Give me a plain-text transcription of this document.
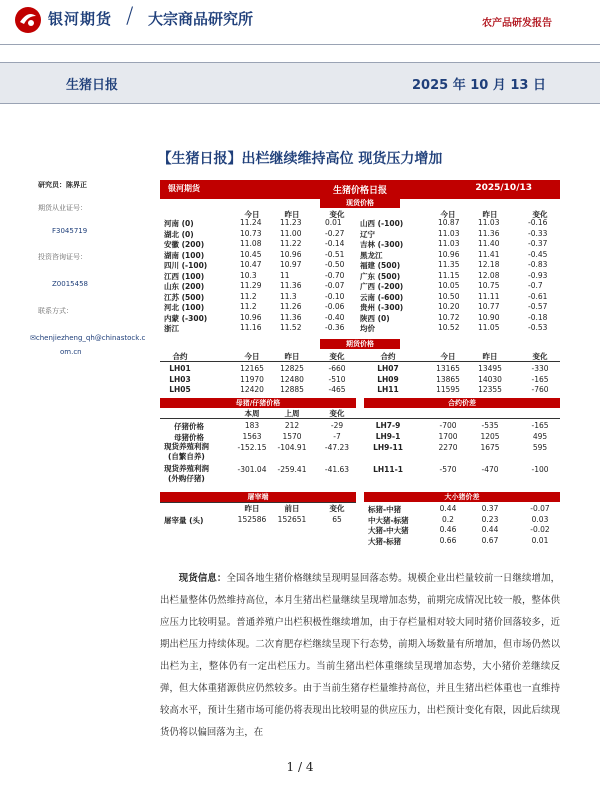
银河期货 / 大宗商品研究所	农产品研发报告
生猪日报	2025 年 10 月 13 日
【生猪日报】出栏继续维持高位 现货压力增加
研究员：陈界正
期货从业证号：
F3045719
投资咨询证号：
Z0015458
联系方式：
✉chenjiezheng_qh@chinastock.c
om.cn
生猪价格日报
银河期货	2025/10/13
现货价格
今日	昨日	变化	今日	昨日	变化
河南 (0)	11.24 11.23	0.01
湖北 (0)	10.73 11.00	-0.27
安徽 (200)	11.08 11.22	-0.14
湖南 (100)	10.45 10.96	-0.51
四川 (-100)	10.47 10.97	-0.50
江西 (100)	10.3	11	-0.70
山东 (200)	11.29 11.36	-0.07
江苏 (500)	11.2	11.3	-0.10
河北 (100)	11.2	11.26	-0.06
内蒙 (-300)	10.96 11.36	-0.40
浙江	11.16 11.52	-0.36
山西 (-100)	10.87 11.03	-0.16
辽宁	11.03 11.36	-0.33
吉林 (-300)	11.03 11.40	-0.37
黑龙江	10.96 11.41	-0.45
福建 (500)	11.35 12.18	-0.83
广东 (500)	11.15 12.08	-0.93
广西 (-200)	10.05 10.75	-0.7
云南 (-600)	10.50 11.11	-0.61
贵州 (-300)	10.20 10.77	-0.57
陕西 (0)	10.72 10.90	-0.18
均价	10.52 11.05	-0.53
期货价格
合约	今日	昨日	变化	合约	今日	昨日	变化
LH01	12165 12825	-660	LH07	13165 13495	-330
LH03	11970 12480	-510	LH09	13865 14030	-165
LH05	12420 12885	-465	LH11	11595 12355	-760
母猪/仔猪价格	合约价差
本周	上周	变化
仔猪价格	183	212	-29	LH7-9	-700	-535	-165
母猪价格	1563	1570	-7	LH9-1	1700	1205	495
现货养殖利润
(自繁自养)
-152.15 -104.91 -47.23	LH9-11	2270	1675	595
现货养殖利润
(外购仔猪)
-301.04 -259.41 -41.63	LH11-1	-570	-470	-100
屠宰端	大小猪价差
昨日	前日	变化
屠宰量 (头)	152586 152651	65
标猪-中猪	0.44	0.37	-0.07
中大猪-标猪	0.2	0.23	0.03
大猪-中大猪	0.46	0.44	-0.02
大猪-标猪	0.66	0.67	0.01
现货信息：全国各地生猪价格继续呈现明显回落态势。规模企业出栏量较前一日继续增加，出栏量整体仍然维持高位，本月生猪出栏量继续呈现增加态势，前期完成情况比较一般，整体供应压力比较明显。普通养殖户出栏积极性继续增加，由于存栏量相对较大同时猪价回落较多，近期出栏压力持续体现。二次育肥存栏继续呈现下行态势，前期入场数量有所增加，但市场仍然以出栏为主，整体仍有一定出栏压力。当前生猪出栏体重继续呈现增加态势，大小猪价差继续反弹，但大体重猪源供应仍然较多。由于当前生猪存栏量维持高位，并且生猪出栏体重也一直维持较高水平，预计生猪市场可能仍将表现出比较明显的供应压力，出栏预计变化有限，因此后续现货仍将以偏回落为主，在
1 / 4
